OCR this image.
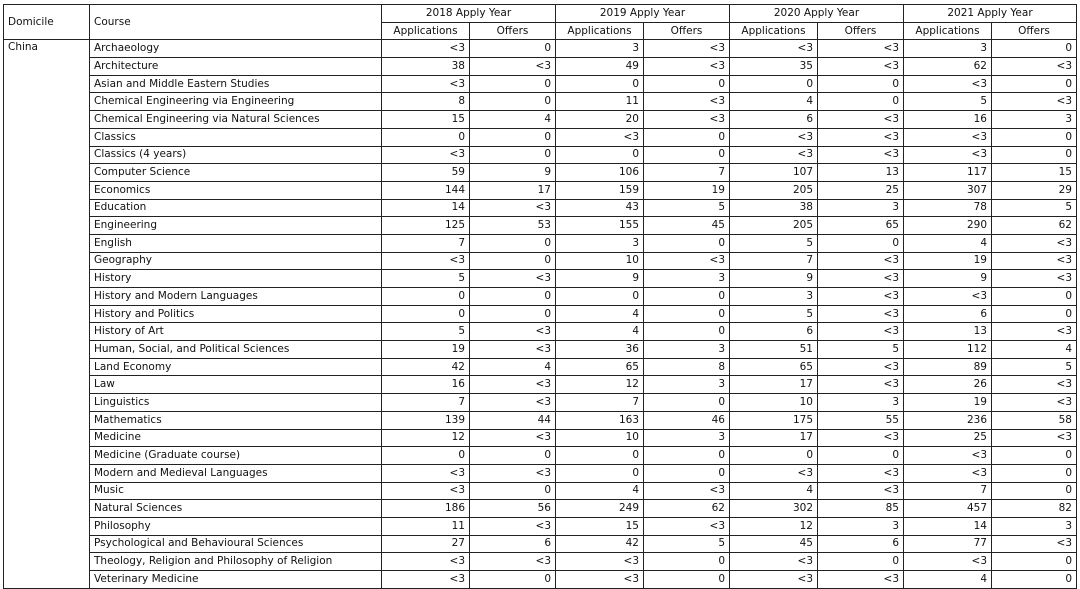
Domicile	Course	2018 Apply Year		2019 Apply Year		2020 Apply Year		2021 Apply Year	
		Applications	Offers	Applications	Offers	Applications	Offers	Applications	Offers
China	Archaeology	<3	0	3	<3	<3	<3	3	0
	Architecture	38	<3	49	<3	35	<3	62	<3
	Asian and Middle Eastern Studies	<3	0	0	0	0	0	<3	0
	Chemical Engineering via Engineering	8	0	11	<3	4	0	5	<3
	Chemical Engineering via Natural Sciences	15	4	20	<3	6	<3	16	3
	Classics	0	0	<3	0	<3	<3	<3	0
	Classics (4 years)	<3	0	0	0	<3	<3	<3	0
	Computer Science	59	9	106	7	107	13	117	15
	Economics	144	17	159	19	205	25	307	29
	Education	14	<3	43	5	38	3	78	5
	Engineering	125	53	155	45	205	65	290	62
	English	7	0	3	0	5	0	4	<3
	Geography	<3	0	10	<3	7	<3	19	<3
	History	5	<3	9	3	9	<3	9	<3
	History and Modern Languages	0	0	0	0	3	<3	<3	0
	History and Politics	0	0	4	0	5	<3	6	0
	History of Art	5	<3	4	0	6	<3	13	<3
	Human, Social, and Political Sciences	19	<3	36	3	51	5	112	4
	Land Economy	42	4	65	8	65	<3	89	5
	Law	16	<3	12	3	17	<3	26	<3
	Linguistics	7	<3	7	0	10	3	19	<3
	Mathematics	139	44	163	46	175	55	236	58
	Medicine	12	<3	10	3	17	<3	25	<3
	Medicine (Graduate course)	0	0	0	0	0	0	<3	0
	Modern and Medieval Languages	<3	<3	0	0	<3	<3	<3	0
	Music	<3	0	4	<3	4	<3	7	0
	Natural Sciences	186	56	249	62	302	85	457	82
	Philosophy	11	<3	15	<3	12	3	14	3
	Psychological and Behavioural Sciences	27	6	42	5	45	6	77	<3
	Theology, Religion and Philosophy of Religion	<3	<3	<3	0	<3	0	<3	0
	Veterinary Medicine	<3	0	<3	0	<3	<3	4	0
